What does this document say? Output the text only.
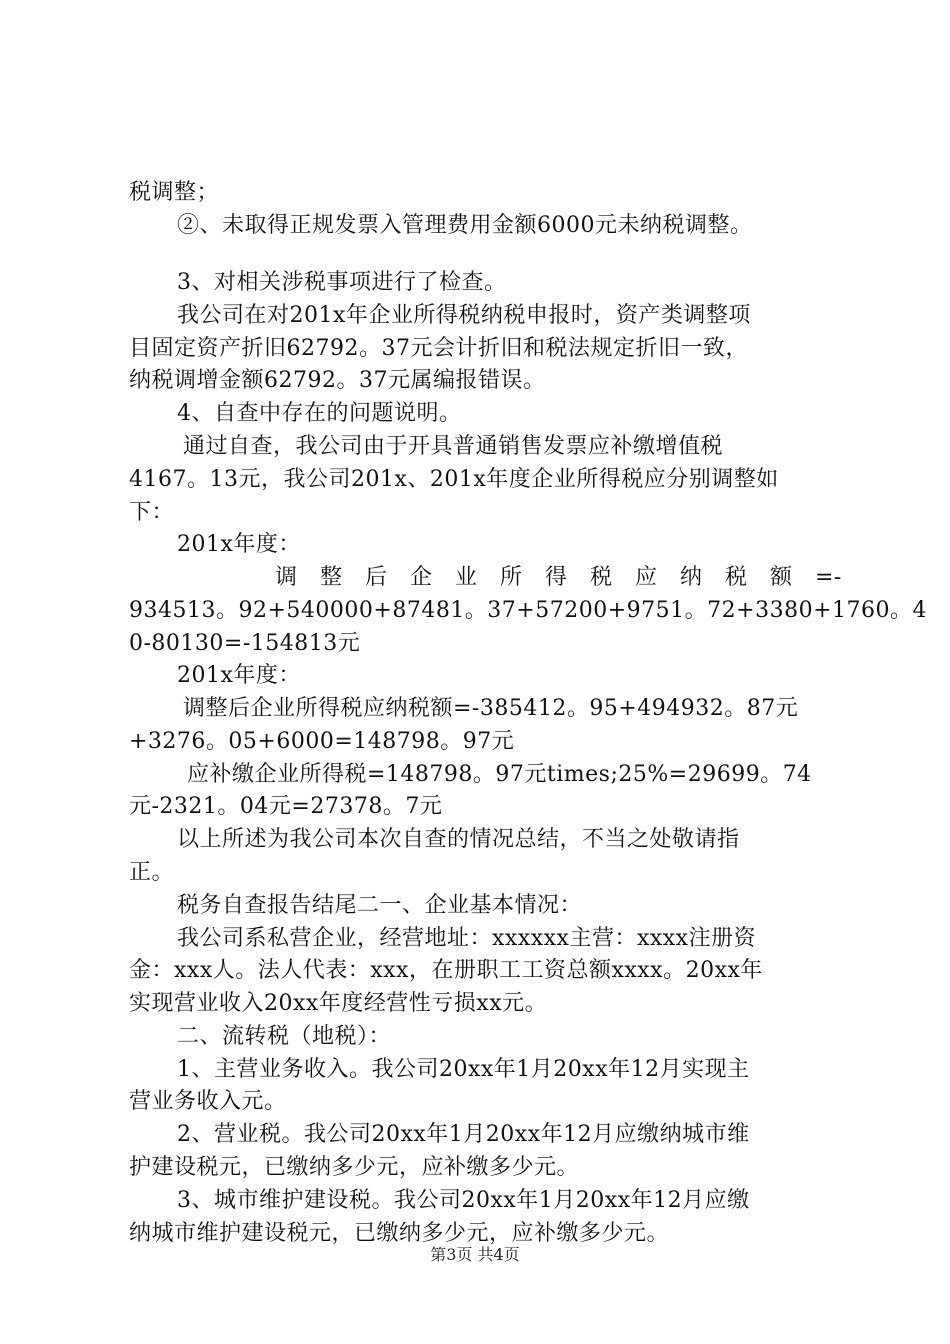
税调整；
②、未取得正规发票入管理费用金额6000元未纳税调整。
3、对相关涉税事项进行了检查。
我公司在对201x年企业所得税纳税申报时，资产类调整项
目固定资产折旧62792。37元会计折旧和税法规定折旧一致，
纳税调增金额62792。37元属编报错误。
4、自查中存在的问题说明。
通过自查，我公司由于开具普通销售发票应补缴增值税
4167。13元，我公司201x、201x年度企业所得税应分别调整如
下：
201x年度：
调　整　后　企　业　所　得　税　应　纳　税　额　=-
934513。92+540000+87481。37+57200+9751。72+3380+1760。4
0-80130=-154813元
201x年度：
调整后企业所得税应纳税额=-385412。95+494932。87元
+3276。05+6000=148798。97元
应补缴企业所得税=148798。97元times;25%=29699。74
元-2321。04元=27378。7元
以上所述为我公司本次自查的情况总结，不当之处敬请指
正。
税务自查报告结尾二一、企业基本情况：
我公司系私营企业，经营地址：xxxxxx主营：xxxx注册资
金：xxx人。法人代表：xxx，在册职工工资总额xxxx。20xx年
实现营业收入20xx年度经营性亏损xx元。
二、流转税（地税）：
1、主营业务收入。我公司20xx年1月20xx年12月实现主
营业务收入元。
2、营业税。我公司20xx年1月20xx年12月应缴纳城市维
护建设税元，已缴纳多少元，应补缴多少元。
3、城市维护建设税。我公司20xx年1月20xx年12月应缴
纳城市维护建设税元，已缴纳多少元，应补缴多少元。
第3页 共4页
